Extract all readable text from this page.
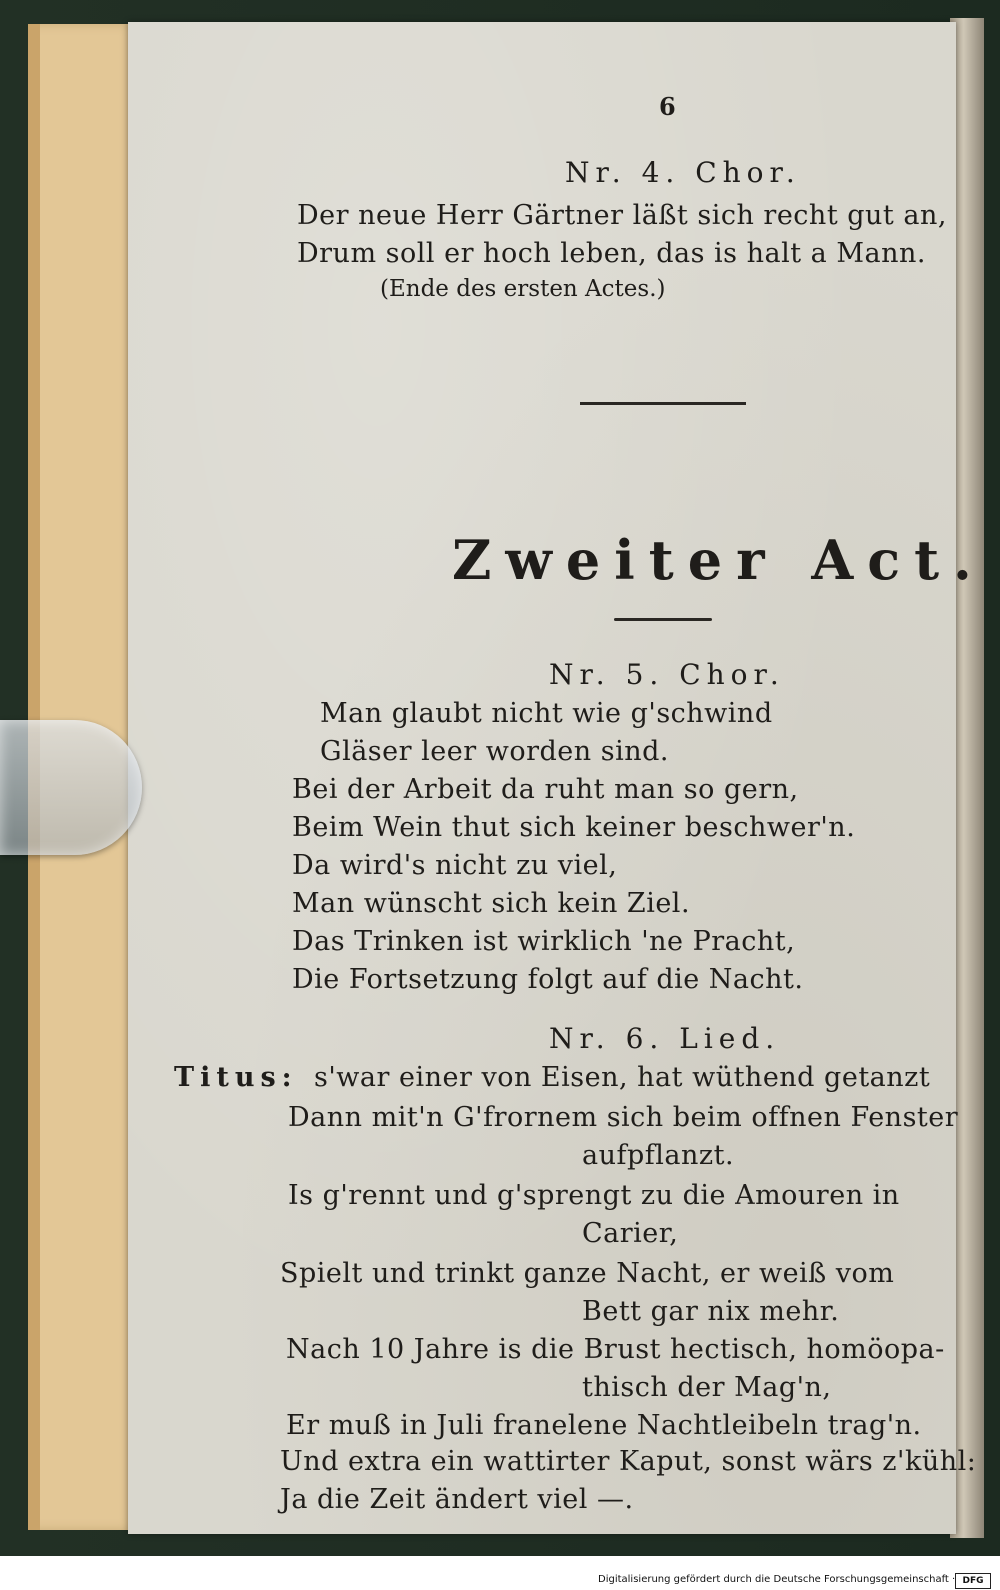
6
Nr. 4. Chor.
Der neue Herr Gärtner läßt sich recht gut an,
Drum soll er hoch leben, das is halt a Mann.
(Ende des ersten Actes.)
Zweiter Act.
Nr. 5. Chor.
Man glaubt nicht wie g'schwind
Gläser leer worden sind.
Bei der Arbeit da ruht man so gern,
Beim Wein thut sich keiner beschwer'n.
Da wird's nicht zu viel,
Man wünscht sich kein Ziel.
Das Trinken ist wirklich 'ne Pracht,
Die Fortsetzung folgt auf die Nacht.
Nr. 6. Lied.
Titus: s'war einer von Eisen, hat wüthend getanzt
Dann mit'n G'frornem sich beim offnen Fenster
aufpflanzt.
Is g'rennt und g'sprengt zu die Amouren in
Carier,
Spielt und trinkt ganze Nacht, er weiß vom
Bett gar nix mehr.
Nach 10 Jahre is die Brust hectisch, homöopa-
thisch der Mag'n,
Er muß in Juli franelene Nachtleibeln trag'n.
Und extra ein wattirter Kaput, sonst wärs z'kühl:
Ja die Zeit ändert viel —.
Digitalisierung gefördert durch die Deutsche Forschungsgemeinschaft · DFG
